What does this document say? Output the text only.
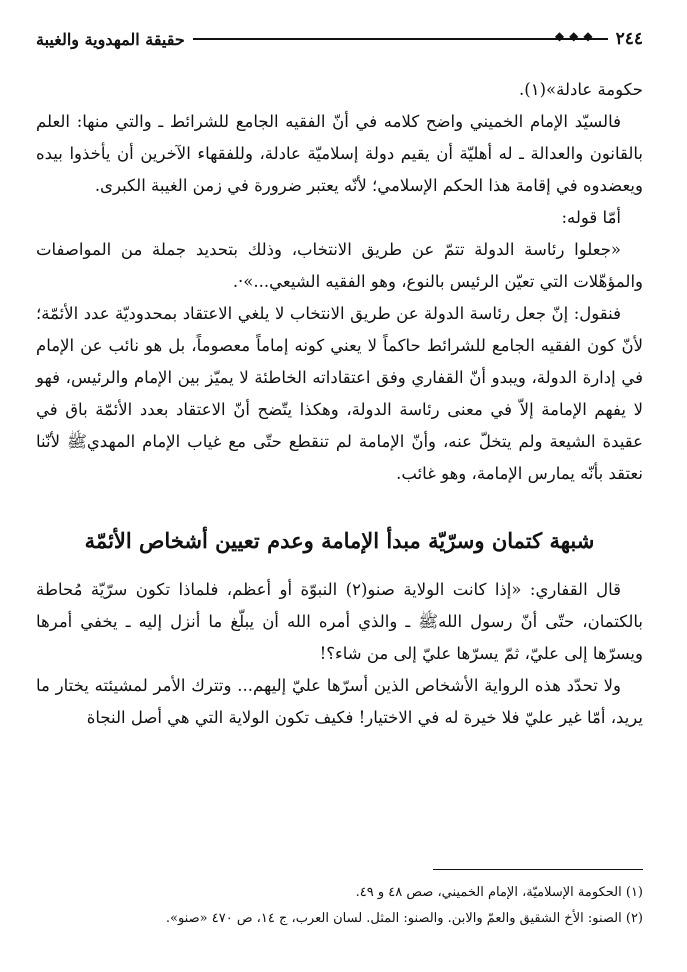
٢٤٤
◆◆◆
حقيقة المهدوية والغيبة

حكومة عادلة»(١).

فالسيّد الإمام الخميني واضح كلامه في أنّ الفقيه الجامع للشرائط ـ والتي منها: العلم بالقانون والعدالة ـ له أهليّة أن يقيم دولة إسلاميّة عادلة، وللفقهاء الآخرين أن يأخذوا بيده ويعضدوه في إقامة هذا الحكم الإسلامي؛ لأنّه يعتبر ضرورة في زمن الغيبة الكبرى.

أمّا قوله:

«جعلوا رئاسة الدولة تتمّ عن طريق الانتخاب، وذلك بتحديد جملة من المواصفات والمؤهّلات التي تعيّن الرئيس بالنوع، وهو الفقيه الشيعي...»·.

فنقول: إنّ جعل رئاسة الدولة عن طريق الانتخاب لا يلغي الاعتقاد بمحدوديّة عدد الأئمّة؛ لأنّ كون الفقيه الجامع للشرائط حاكماً لا يعني كونه إماماً معصوماً، بل هو نائب عن الإمام في إدارة الدولة، ويبدو أنّ القفاري وفق اعتقاداته الخاطئة لا يميّز بين الإمام والرئيس، فهو لا يفهم الإمامة إلاّ في معنى رئاسة الدولة، وهكذا يتّضح أنّ الاعتقاد بعدد الأئمّة باق في عقيدة الشيعة ولم يتخلّ عنه، وأنّ الإمامة لم تنقطع حتّى مع غياب الإمام المهديﷺ لأنّنا نعتقد بأنّه يمارس الإمامة، وهو غائب.

شبهة كتمان وسرّيّة مبدأ الإمامة وعدم تعيين أشخاص الأئمّة

قال القفاري: «إذا كانت الولاية صنو(٢) النبوّة أو أعظم، فلماذا تكون سرّيّة مُحاطة بالكتمان، حتّى أنّ رسول اللهﷺ ـ والذي أمره الله أن يبلّغ ما أنزل إليه ـ يخفي أمرها ويسرّها إلى عليّ، ثمّ يسرّها عليّ إلى من شاء؟!

ولا تحدّد هذه الرواية الأشخاص الذين أسرّها عليّ إليهم... وتترك الأمر لمشيئته يختار ما يريد، أمّا غير عليّ فلا خيرة له في الاختيار! فكيف تكون الولاية التي هي أصل النجاة

(١) الحكومة الإسلاميّة، الإمام الخميني، صص ٤٨ و ٤٩.

(٢) الصنو: الأخ الشقيق والعمّ والابن. والصنو: المثل. لسان العرب، ج ١٤، ص ٤٧٠ «صنو».
